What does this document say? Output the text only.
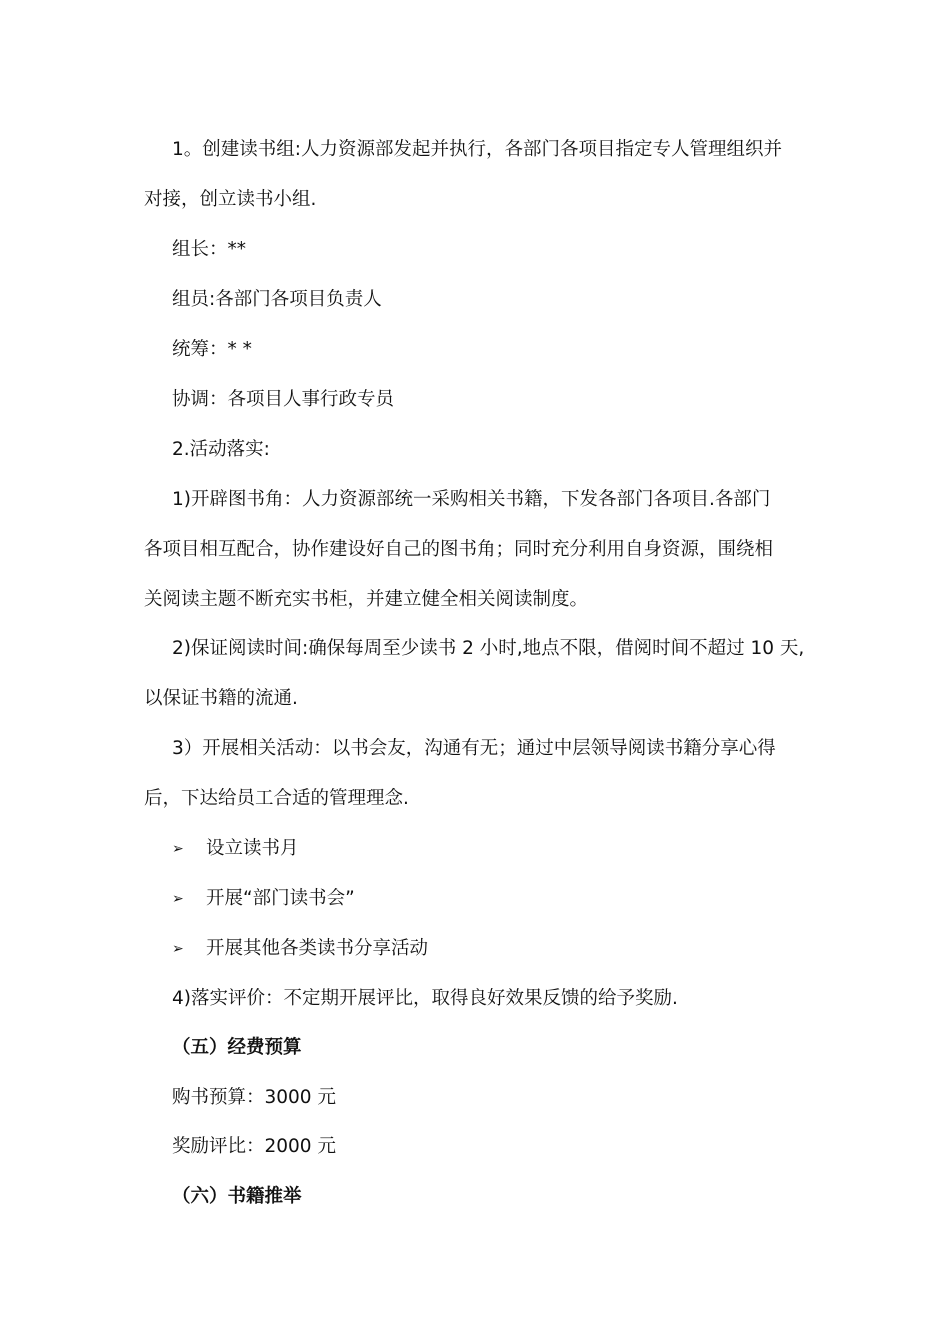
1。创建读书组:人力资源部发起并执行，各部门各项目指定专人管理组织并
对接，创立读书小组.
组长：**
组员:各部门各项目负责人
统筹：* *
协调：各项目人事行政专员
2.活动落实:
1)开辟图书角：人力资源部统一采购相关书籍，下发各部门各项目.各部门
各项目相互配合，协作建设好自己的图书角；同时充分利用自身资源，围绕相
关阅读主题不断充实书柜，并建立健全相关阅读制度。
2)保证阅读时间:确保每周至少读书 2 小时,地点不限，借阅时间不超过 10 天,
以保证书籍的流通.
3）开展相关活动：以书会友，沟通有无；通过中层领导阅读书籍分享心得
后，下达给员工合适的管理理念.
➢	设立读书月
➢	开展“部门读书会”
➢	开展其他各类读书分享活动
4)落实评价：不定期开展评比，取得良好效果反馈的给予奖励.
（五）经费预算
购书预算：3000 元
奖励评比：2000 元
（六）书籍推举
